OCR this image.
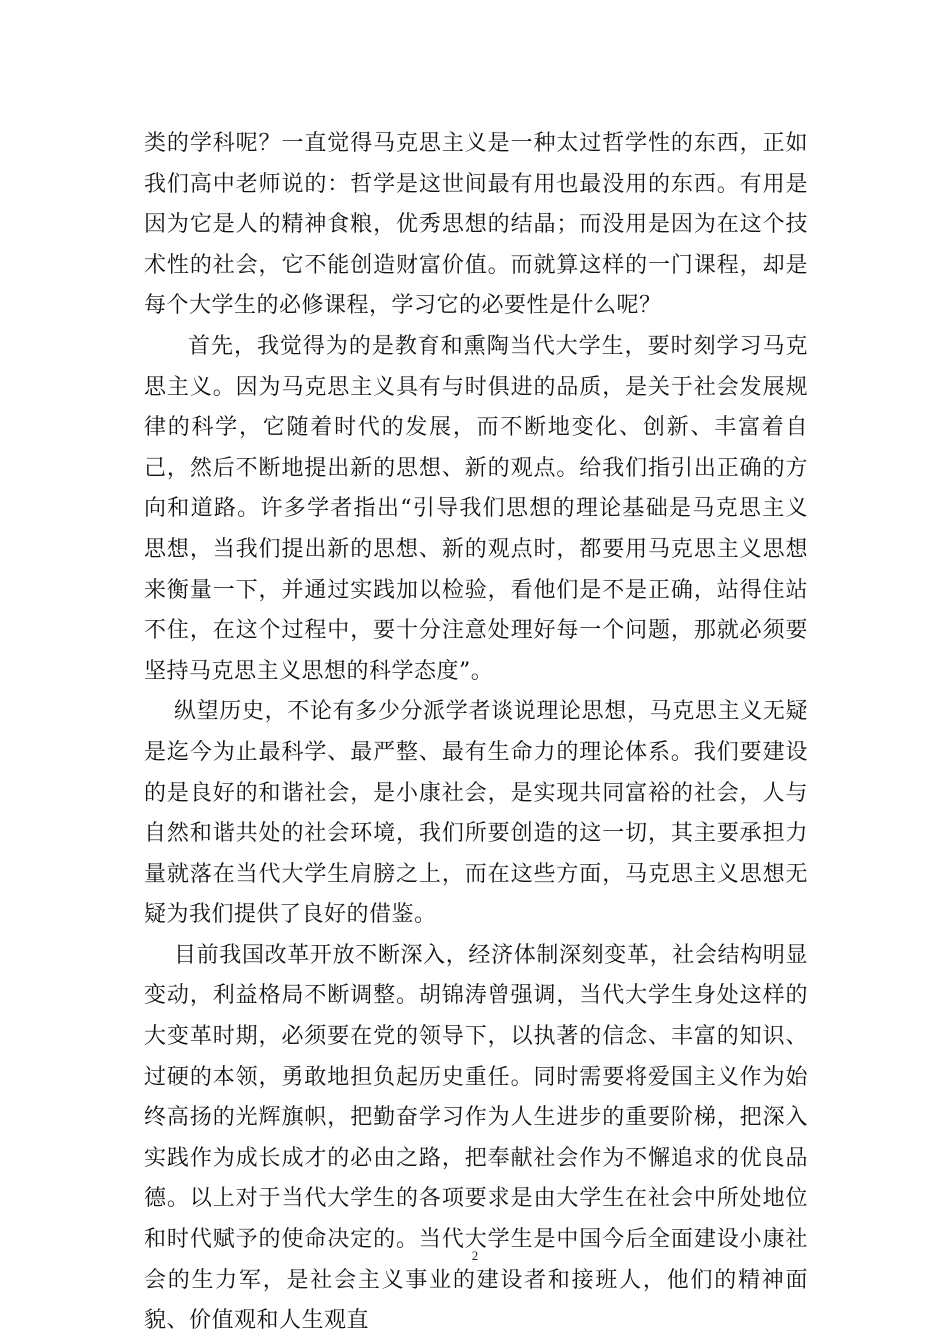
类的学科呢？一直觉得马克思主义是一种太过哲学性的东西，正如我们高中老师说的：哲学是这世间最有用也最没用的东西。有用是因为它是人的精神食粮，优秀思想的结晶；而没用是因为在这个技术性的社会，它不能创造财富价值。而就算这样的一门课程，却是每个大学生的必修课程，学习它的必要性是什么呢？

首先，我觉得为的是教育和熏陶当代大学生，要时刻学习马克思主义。因为马克思主义具有与时俱进的品质，是关于社会发展规律的科学，它随着时代的发展，而不断地变化、创新、丰富着自己，然后不断地提出新的思想、新的观点。给我们指引出正确的方向和道路。许多学者指出“引导我们思想的理论基础是马克思主义思想，当我们提出新的思想、新的观点时，都要用马克思主义思想来衡量一下，并通过实践加以检验，看他们是不是正确，站得住站不住，在这个过程中，要十分注意处理好每一个问题，那就必须要坚持马克思主义思想的科学态度”。

纵望历史，不论有多少分派学者谈说理论思想，马克思主义无疑是迄今为止最科学、最严整、最有生命力的理论体系。我们要建设的是良好的和谐社会，是小康社会，是实现共同富裕的社会，人与自然和谐共处的社会环境，我们所要创造的这一切，其主要承担力量就落在当代大学生肩膀之上，而在这些方面，马克思主义思想无疑为我们提供了良好的借鉴。

目前我国改革开放不断深入，经济体制深刻变革，社会结构明显变动，利益格局不断调整。胡锦涛曾强调，当代大学生身处这样的大变革时期，必须要在党的领导下，以执著的信念、丰富的知识、过硬的本领，勇敢地担负起历史重任。同时需要将爱国主义作为始终高扬的光辉旗帜，把勤奋学习作为人生进步的重要阶梯，把深入实践作为成长成才的必由之路，把奉献社会作为不懈追求的优良品德。以上对于当代大学生的各项要求是由大学生在社会中所处地位和时代赋予的使命决定的。当代大学生是中国今后全面建设小康社会的生力军，是社会主义事业的建设者和接班人，他们的精神面貌、价值观和人生观直

2
